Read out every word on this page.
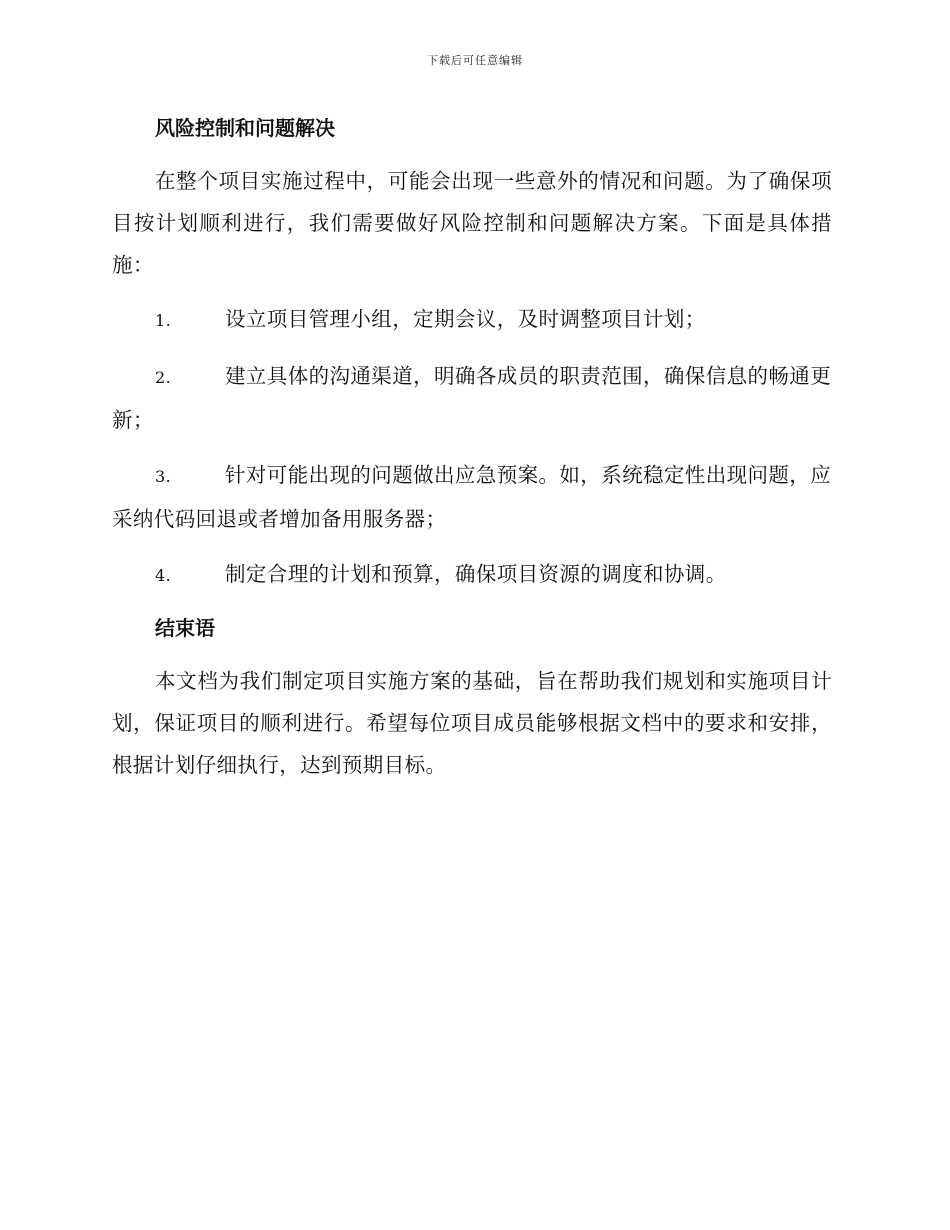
下载后可任意编辑
风险控制和问题解决

在整个项目实施过程中，可能会出现一些意外的情况和问题。为了确保项目按计划顺利进行，我们需要做好风险控制和问题解决方案。下面是具体措施：

1.	设立项目管理小组，定期会议，及时调整项目计划；

2.	建立具体的沟通渠道，明确各成员的职责范围，确保信息的畅通更新；

3.	针对可能出现的问题做出应急预案。如，系统稳定性出现问题，应采纳代码回退或者增加备用服务器；

4.	制定合理的计划和预算，确保项目资源的调度和协调。

结束语

本文档为我们制定项目实施方案的基础，旨在帮助我们规划和实施项目计划，保证项目的顺利进行。希望每位项目成员能够根据文档中的要求和安排，根据计划仔细执行，达到预期目标。
